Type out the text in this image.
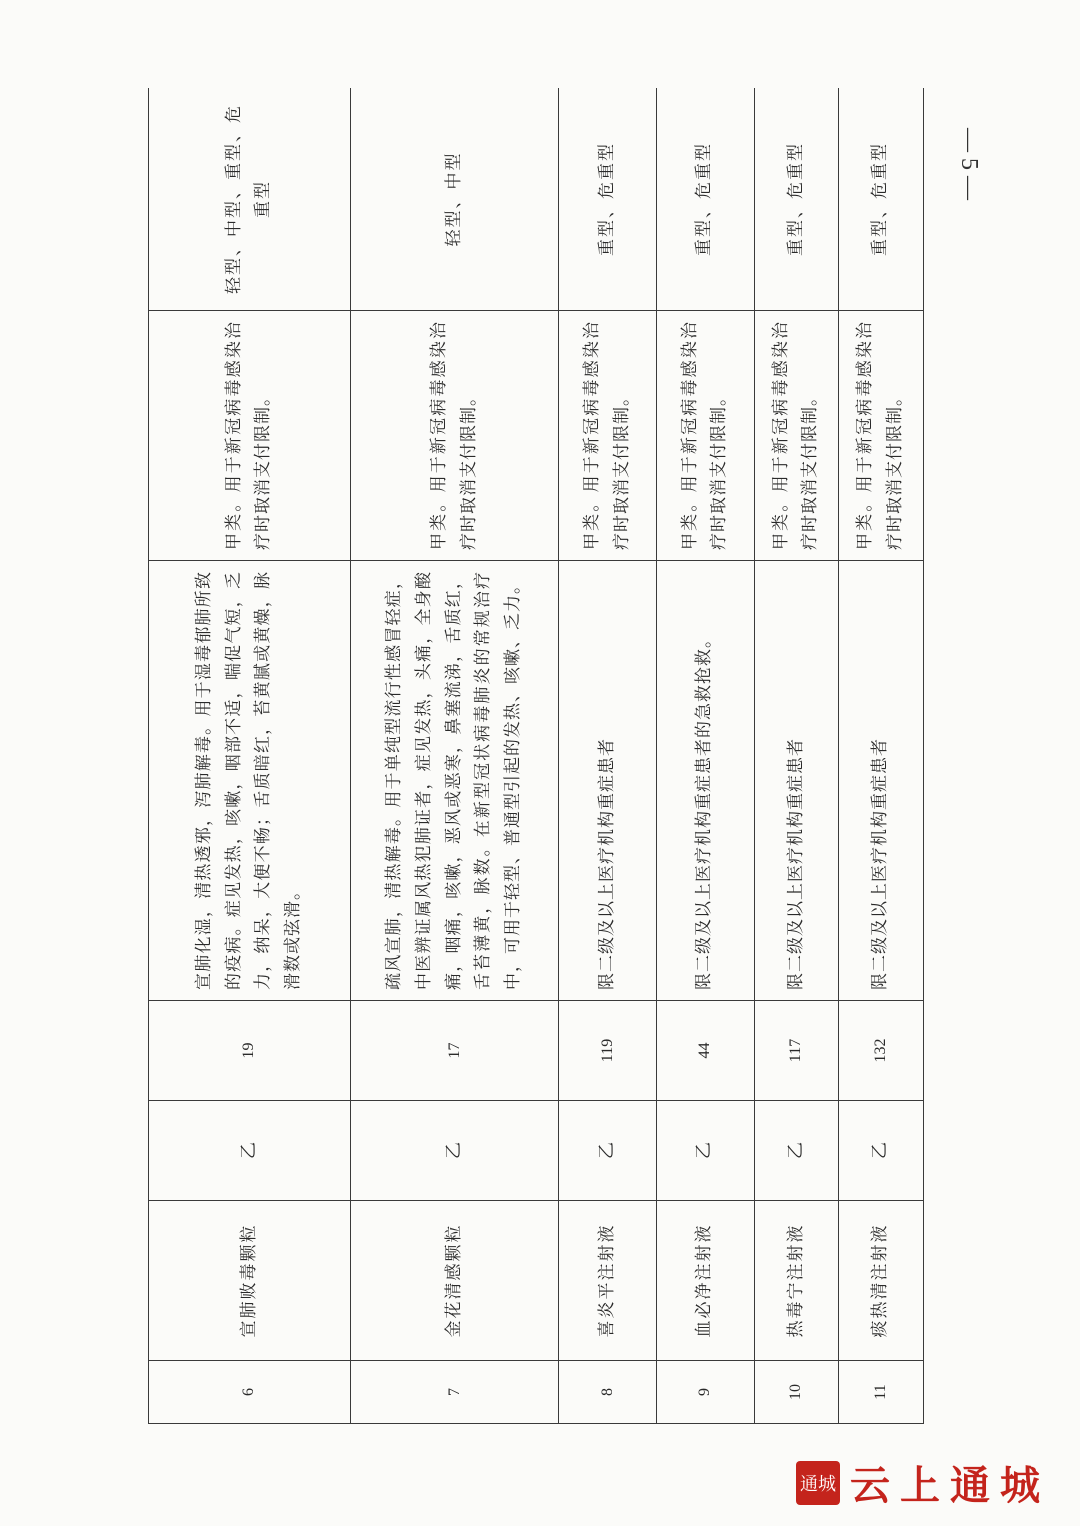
— 5 —
6	宣肺败毒颗粒	乙	19	宣肺化湿，清热透邪，泻肺解毒。用于湿毒郁肺所致的疫病。症见发热，咳嗽，咽部不适，喘促气短，乏力，纳呆，大便不畅；舌质暗红，苔黄腻或黄燥，脉滑数或弦滑。	甲类。用于新冠病毒感染治疗时取消支付限制。	轻型、中型、重型、危重型
7	金花清感颗粒	乙	17	疏风宣肺，清热解毒。用于单纯型流行性感冒轻症，中医辨证属风热犯肺证者，症见发热，头痛，全身酸痛，咽痛，咳嗽，恶风或恶寒，鼻塞流涕，舌质红，舌苔薄黄，脉数。在新型冠状病毒肺炎的常规治疗中，可用于轻型、普通型引起的发热、咳嗽、乏力。	甲类。用于新冠病毒感染治疗时取消支付限制。	轻型、中型
8	喜炎平注射液	乙	119	限二级及以上医疗机构重症患者	甲类。用于新冠病毒感染治疗时取消支付限制。	重型、危重型
9	血必净注射液	乙	44	限二级及以上医疗机构重症患者的急救抢救。	甲类。用于新冠病毒感染治疗时取消支付限制。	重型、危重型
10	热毒宁注射液	乙	117	限二级及以上医疗机构重症患者	甲类。用于新冠病毒感染治疗时取消支付限制。	重型、危重型
11	痰热清注射液	乙	132	限二级及以上医疗机构重症患者	甲类。用于新冠病毒感染治疗时取消支付限制。	重型、危重型
通城 云上通城
